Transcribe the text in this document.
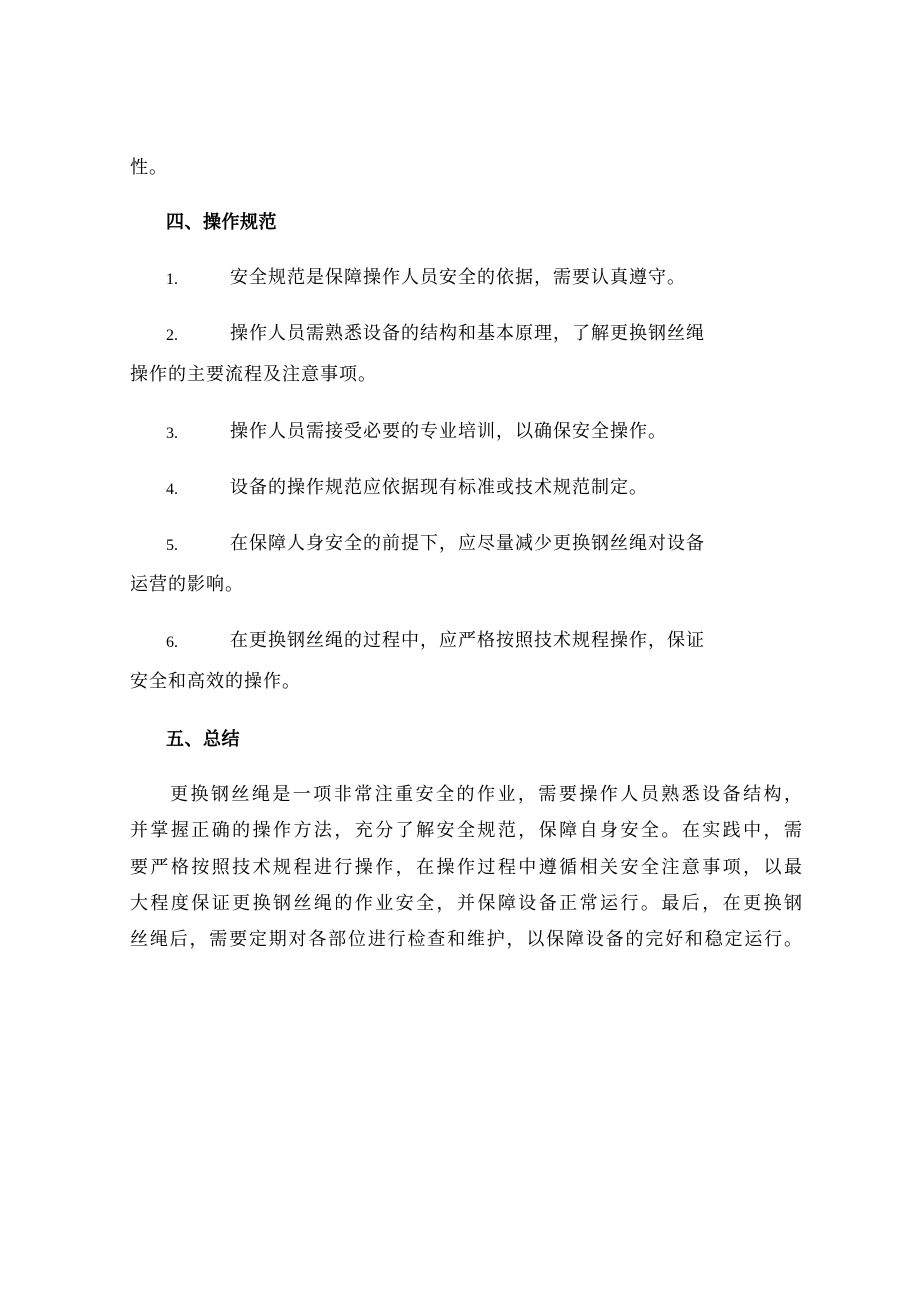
性。
四、操作规范
1.	安全规范是保障操作人员安全的依据，需要认真遵守。
2.	操作人员需熟悉设备的结构和基本原理，了解更换钢丝绳
操作的主要流程及注意事项。
3.	操作人员需接受必要的专业培训，以确保安全操作。
4.	设备的操作规范应依据现有标准或技术规范制定。
5.	在保障人身安全的前提下，应尽量减少更换钢丝绳对设备
运营的影响。
6.	在更换钢丝绳的过程中，应严格按照技术规程操作，保证
安全和高效的操作。
五、总结
更换钢丝绳是一项非常注重安全的作业，需要操作人员熟悉设备结构，
并掌握正确的操作方法，充分了解安全规范，保障自身安全。在实践中，需
要严格按照技术规程进行操作，在操作过程中遵循相关安全注意事项，以最
大程度保证更换钢丝绳的作业安全，并保障设备正常运行。最后，在更换钢
丝绳后，需要定期对各部位进行检查和维护，以保障设备的完好和稳定运行。
